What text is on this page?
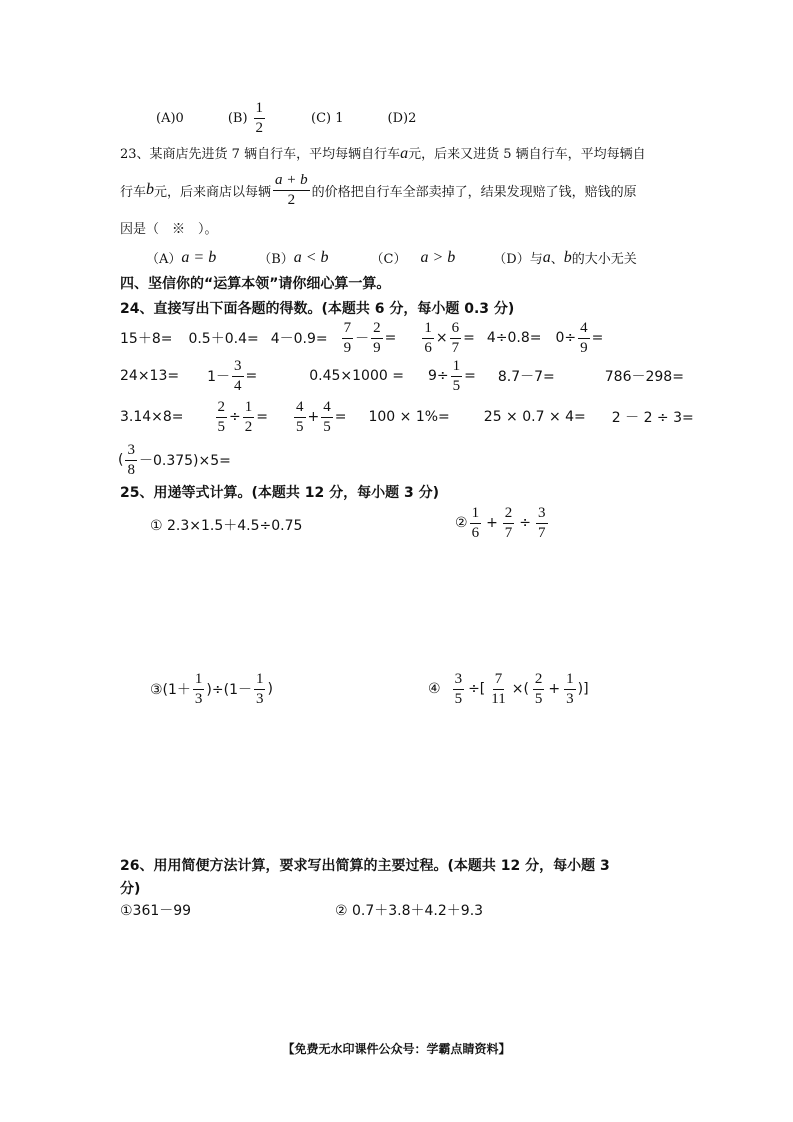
(A)0	$(B) \frac{1}{2}$	(C) 1	(D)2
23、某商店先进货 7 辆自行车，平均每辆自行车a元，后来又进货 5 辆自行车，平均每辆自
行车 b 元，后来商店以每辆 $\frac{a + b}{2}$ 的价格把自行车全部卖掉了，结果发现赔了钱，赔钱的原
因是（　※　）。
（A） a = b	（B） a < b	（C） a > b	（D）与 a 、 b 的大小无关
四、坚信你的“运算本领”请你细心算一算。
24、直接写出下面各题的得数。(本题共 6 分，每小题 0.3 分)
$15+8= 0.5+0.4= 4-0.9= \frac{7}{9} - \frac{2}{9} = \frac{1}{6} \times \frac{6}{7} = 4\div 0.8= 0\div \frac{4}{9}$ =
$24\times 13= 1- \frac{3}{4}$ =	$0.45\times 1000 = 9\div \frac{1}{5} = 8.7-7=$	786－298=
$3.14\times 8= \frac{2}{5} \div \frac{1}{2} = \frac{4}{5} + \frac{4}{5} = 100 \times 1\%= 25 \times 0.7 \times 4= 2 - 2 \div 3=$
( $\frac{3}{8} -0.375)\times 5=$
25、用递等式计算。(本题共 12 分，每小题 3 分)
① 2.3×1.5＋4.5÷0.75	② $\frac{1}{6} + \frac{2}{7} \div \frac{3}{7}$
③(1＋ $\frac{1}{3} )\div(1- \frac{1}{3}$ )	④ $\frac{3}{5}$ ÷[ $\frac{7}{11}$ ×( $\frac{2}{5} + \frac{1}{3}$ )]
26、用用简便方法计算，要求写出简算的主要过程。(本题共 12 分，每小题 3
分)
①361－99	② 0.7＋3.8＋4.2＋9.3
【免费无水印课件公众号：学霸点睛资料】
